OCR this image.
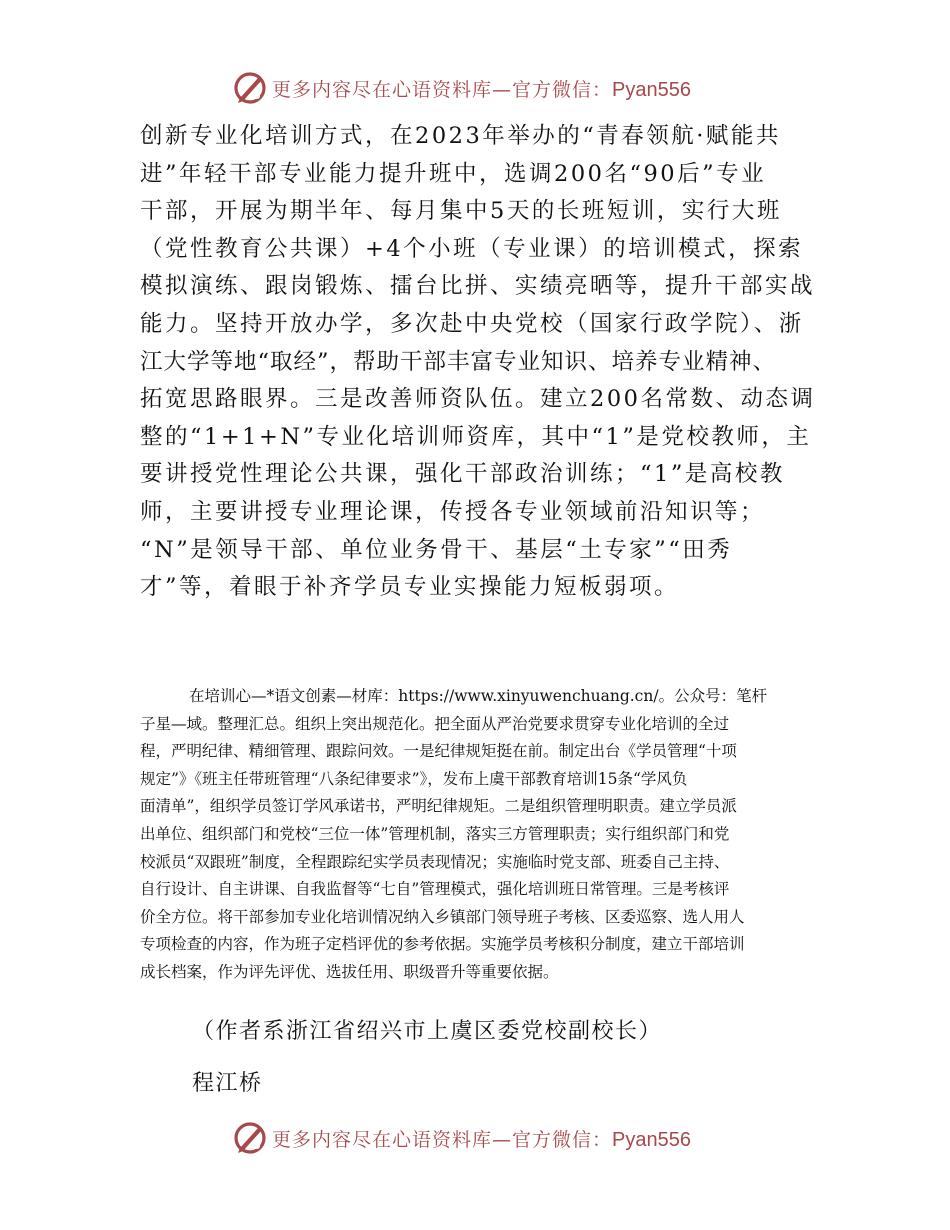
更多内容尽在心语资料库—官方微信：Pyan556

创新专业化培训方式，在2023年举办的“青春领航·赋能共

进”年轻干部专业能力提升班中，选调200名“90后”专业

干部，开展为期半年、每月集中5天的长班短训，实行大班

（党性教育公共课）+4个小班（专业课）的培训模式，探索

模拟演练、跟岗锻炼、擂台比拼、实绩亮晒等，提升干部实战

能力。坚持开放办学，多次赴中央党校（国家行政学院）、浙

江大学等地“取经”，帮助干部丰富专业知识、培养专业精神、

拓宽思路眼界。三是改善师资队伍。建立200名常数、动态调

整的“1+1+N”专业化培训师资库，其中“1”是党校教师，主

要讲授党性理论公共课，强化干部政治训练；“1”是高校教

师，主要讲授专业理论课，传授各专业领域前沿知识等；

“N”是领导干部、单位业务骨干、基层“土专家”“田秀

才”等，着眼于补齐学员专业实操能力短板弱项。

在培训心—*语文创素—材库：https://www.xinyuwenchuang.cn/。公众号：笔杆

子星—域。整理汇总。组织上突出规范化。把全面从严治党要求贯穿专业化培训的全过

程，严明纪律、精细管理、跟踪问效。一是纪律规矩挺在前。制定出台《学员管理“十项

规定”》《班主任带班管理“八条纪律要求”》，发布上虞干部教育培训15条“学风负

面清单”，组织学员签订学风承诺书，严明纪律规矩。二是组织管理明职责。建立学员派

出单位、组织部门和党校“三位一体”管理机制，落实三方管理职责；实行组织部门和党

校派员“双跟班”制度，全程跟踪纪实学员表现情况；实施临时党支部、班委自己主持、

自行设计、自主讲课、自我监督等“七自”管理模式，强化培训班日常管理。三是考核评

价全方位。将干部参加专业化培训情况纳入乡镇部门领导班子考核、区委巡察、选人用人

专项检查的内容，作为班子定档评优的参考依据。实施学员考核积分制度，建立干部培训

成长档案，作为评先评优、选拔任用、职级晋升等重要依据。

（作者系浙江省绍兴市上虞区委党校副校长）
程江桥
更多内容尽在心语资料库—官方微信：Pyan556
